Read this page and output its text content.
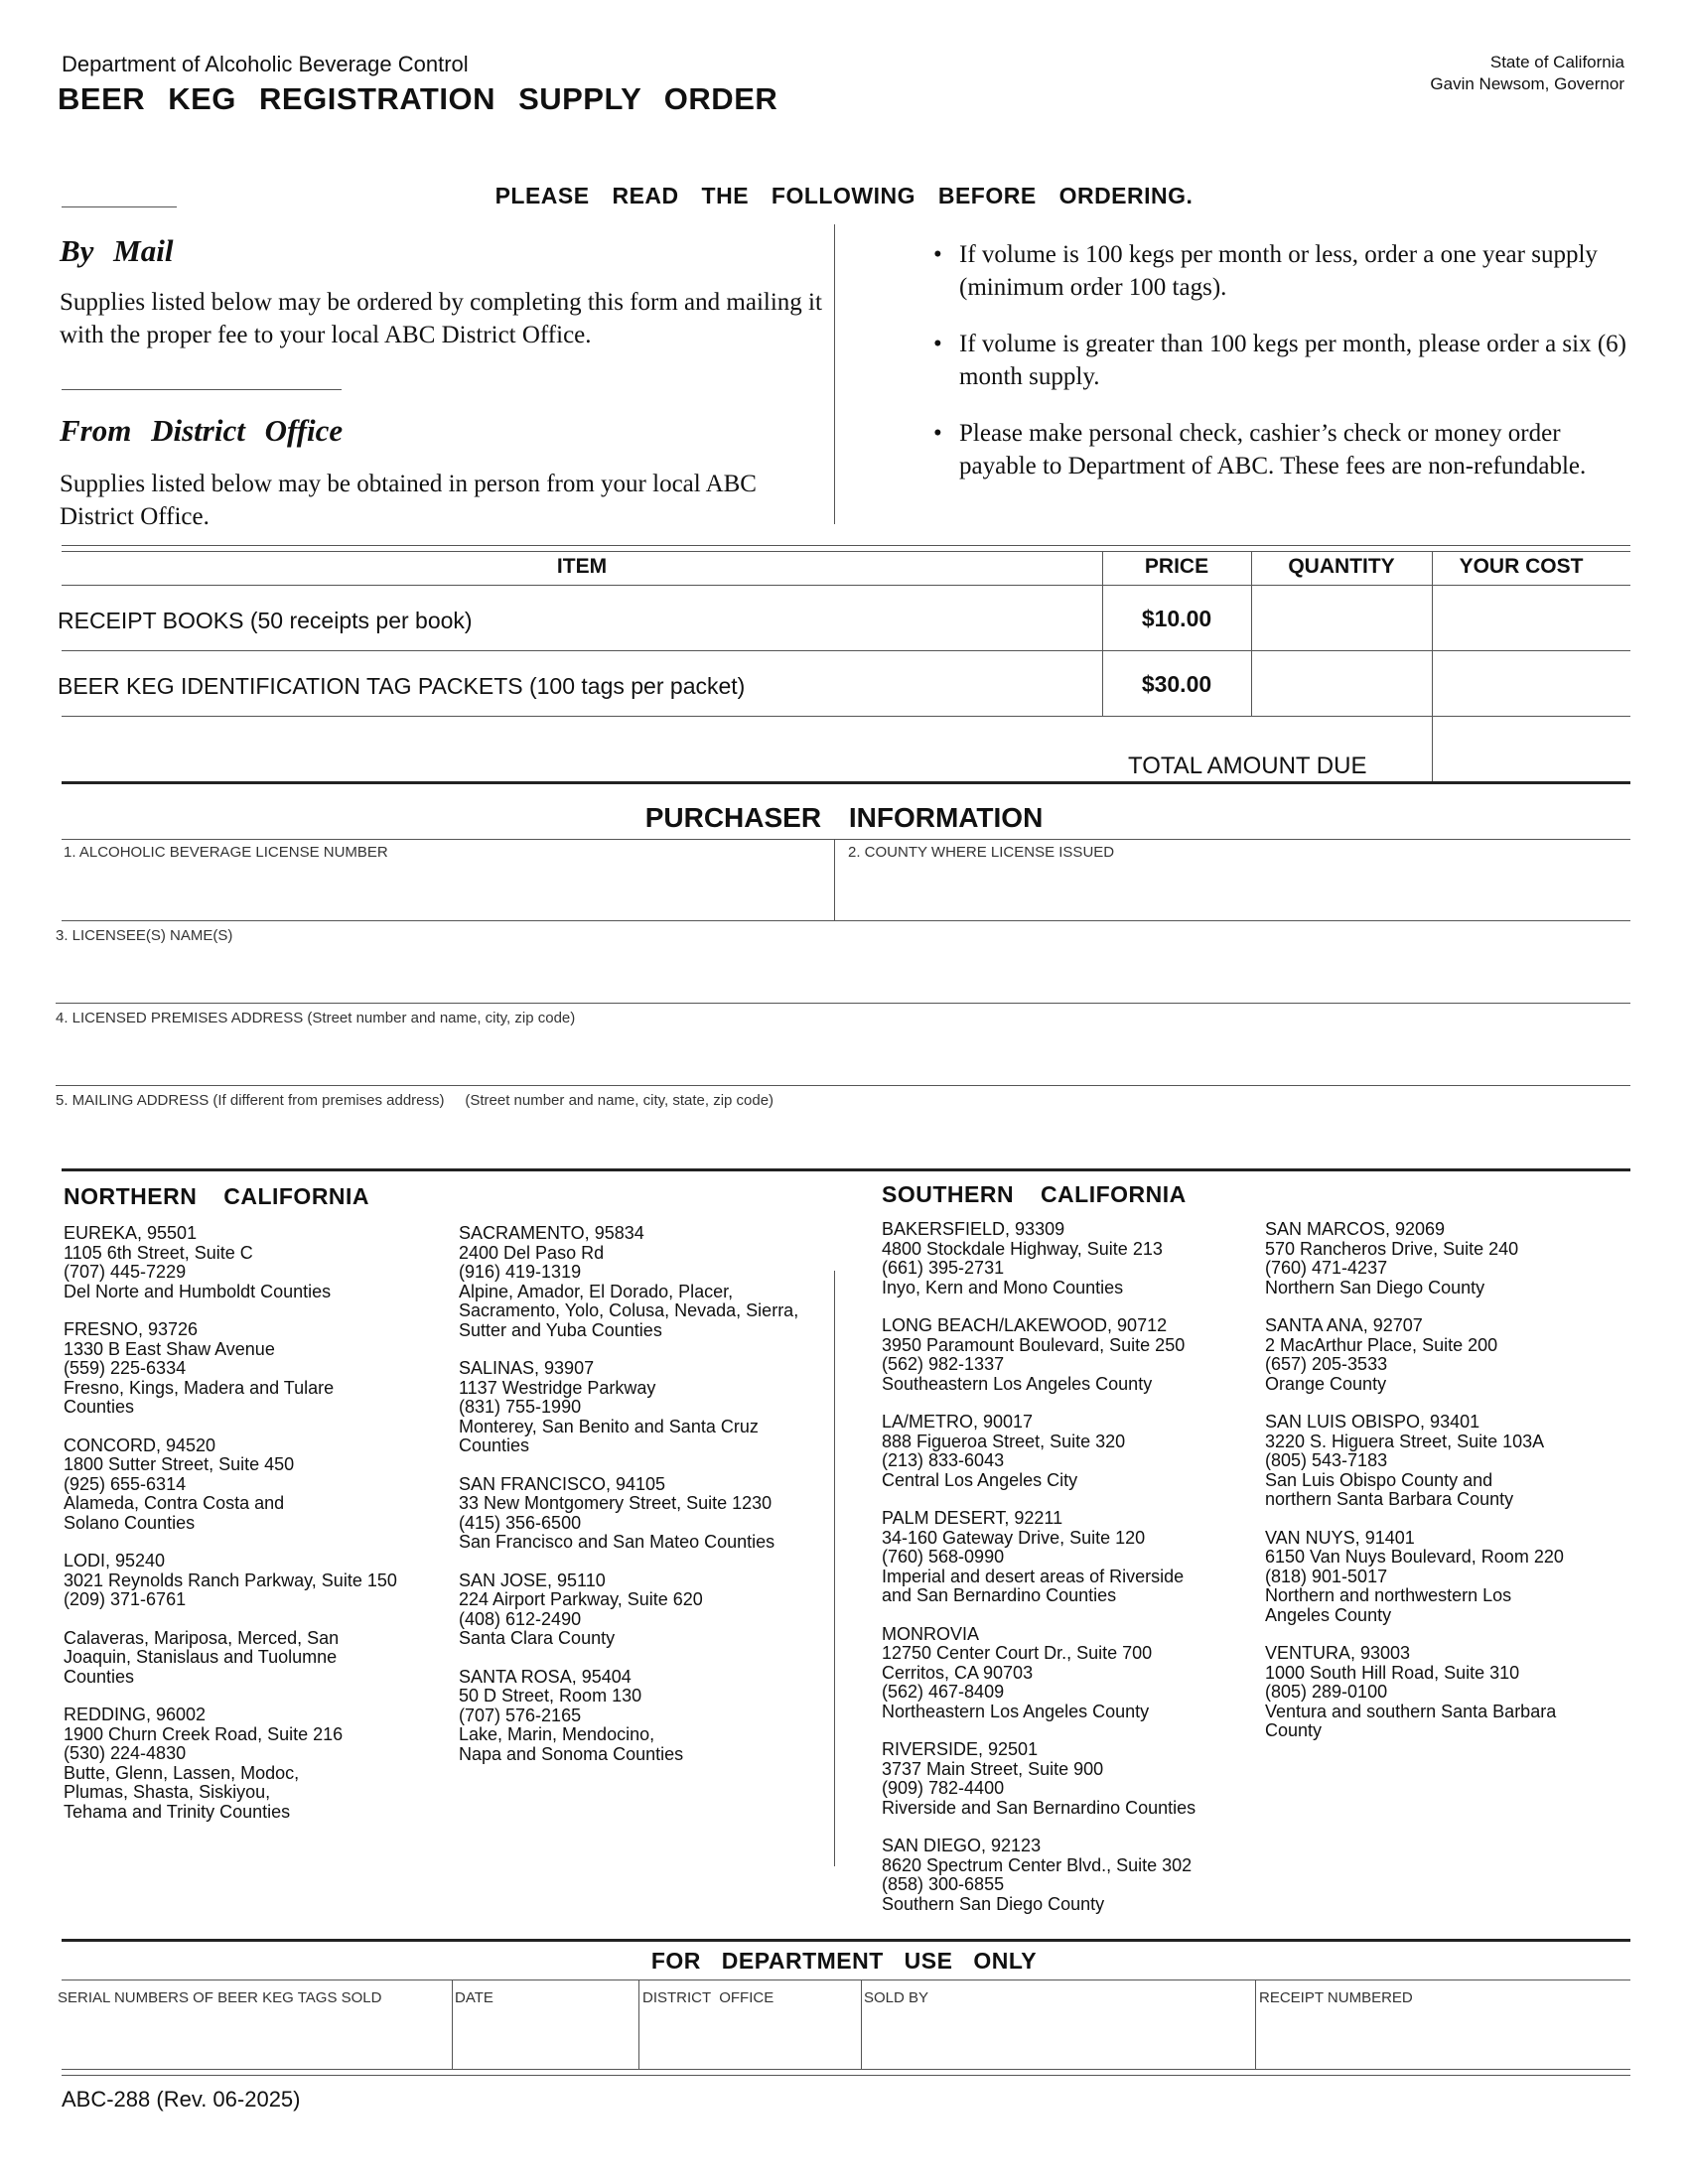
Department of Alcoholic Beverage Control
BEER KEG REGISTRATION SUPPLY ORDER
State of California
Gavin Newsom, Governor
PLEASE READ THE FOLLOWING BEFORE ORDERING.
By Mail
Supplies listed below may be ordered by completing this form and mailing it with the proper fee to your local ABC District Office.
From District Office
Supplies listed below may be obtained in person from your local ABC District Office.
• If volume is 100 kegs per month or less, order a one year supply (minimum order 100 tags).
• If volume is greater than 100 kegs per month, please order a six (6) month supply.
• Please make personal check, cashier’s check or money order payable to Department of ABC. These fees are non-refundable.
ITEM	PRICE	QUANTITY	YOUR COST
RECEIPT BOOKS (50 receipts per book)	$10.00
BEER KEG IDENTIFICATION TAG PACKETS (100 tags per packet)	$30.00
TOTAL AMOUNT DUE
PURCHASER INFORMATION
1. ALCOHOLIC BEVERAGE LICENSE NUMBER	2. COUNTY WHERE LICENSE ISSUED
3. LICENSEE(S) NAME(S)
4. LICENSED PREMISES ADDRESS (Street number and name, city, zip code)
5. MAILING ADDRESS (If different from premises address)     (Street number and name, city, state, zip code)
NORTHERN CALIFORNIA	SOUTHERN CALIFORNIA
EUREKA, 95501
1105 6th Street, Suite C
(707) 445-7229
Del Norte and Humboldt Counties
FRESNO, 93726
1330 B East Shaw Avenue
(559) 225-6334
Fresno, Kings, Madera and Tulare
Counties
CONCORD, 94520
1800 Sutter Street, Suite 450
(925) 655-6314
Alameda, Contra Costa and
Solano Counties
LODI, 95240
3021 Reynolds Ranch Parkway, Suite 150
(209) 371-6761
Calaveras, Mariposa, Merced, San
Joaquin, Stanislaus and Tuolumne
Counties
REDDING, 96002
1900 Churn Creek Road, Suite 216
(530) 224-4830
Butte, Glenn, Lassen, Modoc,
Plumas, Shasta, Siskiyou,
Tehama and Trinity Counties
SACRAMENTO, 95834
2400 Del Paso Rd
(916) 419-1319
Alpine, Amador, El Dorado, Placer,
Sacramento, Yolo, Colusa, Nevada, Sierra,
Sutter and Yuba Counties
SALINAS, 93907
1137 Westridge Parkway
(831) 755-1990
Monterey, San Benito and Santa Cruz
Counties
SAN FRANCISCO, 94105
33 New Montgomery Street, Suite 1230
(415) 356-6500
San Francisco and San Mateo Counties
SAN JOSE, 95110
224 Airport Parkway, Suite 620
(408) 612-2490
Santa Clara County
SANTA ROSA, 95404
50 D Street, Room 130
(707) 576-2165
Lake, Marin, Mendocino,
Napa and Sonoma Counties
BAKERSFIELD, 93309
4800 Stockdale Highway, Suite 213
(661) 395-2731
Inyo, Kern and Mono Counties
LONG BEACH/LAKEWOOD, 90712
3950 Paramount Boulevard, Suite 250
(562) 982-1337
Southeastern Los Angeles County
LA/METRO, 90017
888 Figueroa Street, Suite 320
(213) 833-6043
Central Los Angeles City
PALM DESERT, 92211
34-160 Gateway Drive, Suite 120
(760) 568-0990
Imperial and desert areas of Riverside
and San Bernardino Counties
MONROVIA
12750 Center Court Dr., Suite 700
Cerritos, CA 90703
(562) 467-8409
Northeastern Los Angeles County
RIVERSIDE, 92501
3737 Main Street, Suite 900
(909) 782-4400
Riverside and San Bernardino Counties
SAN DIEGO, 92123
8620 Spectrum Center Blvd., Suite 302
(858) 300-6855
Southern San Diego County
SAN MARCOS, 92069
570 Rancheros Drive, Suite 240
(760) 471-4237
Northern San Diego County
SANTA ANA, 92707
2 MacArthur Place, Suite 200
(657) 205-3533
Orange County
SAN LUIS OBISPO, 93401
3220 S. Higuera Street, Suite 103A
(805) 543-7183
San Luis Obispo County and
northern Santa Barbara County
VAN NUYS, 91401
6150 Van Nuys Boulevard, Room 220
(818) 901-5017
Northern and northwestern Los
Angeles County
VENTURA, 93003
1000 South Hill Road, Suite 310
(805) 289-0100
Ventura and southern Santa Barbara
County
FOR DEPARTMENT USE ONLY
SERIAL NUMBERS OF BEER KEG TAGS SOLD	DATE	DISTRICT  OFFICE	SOLD BY	RECEIPT NUMBERED
ABC-288 (Rev. 06-2025)
